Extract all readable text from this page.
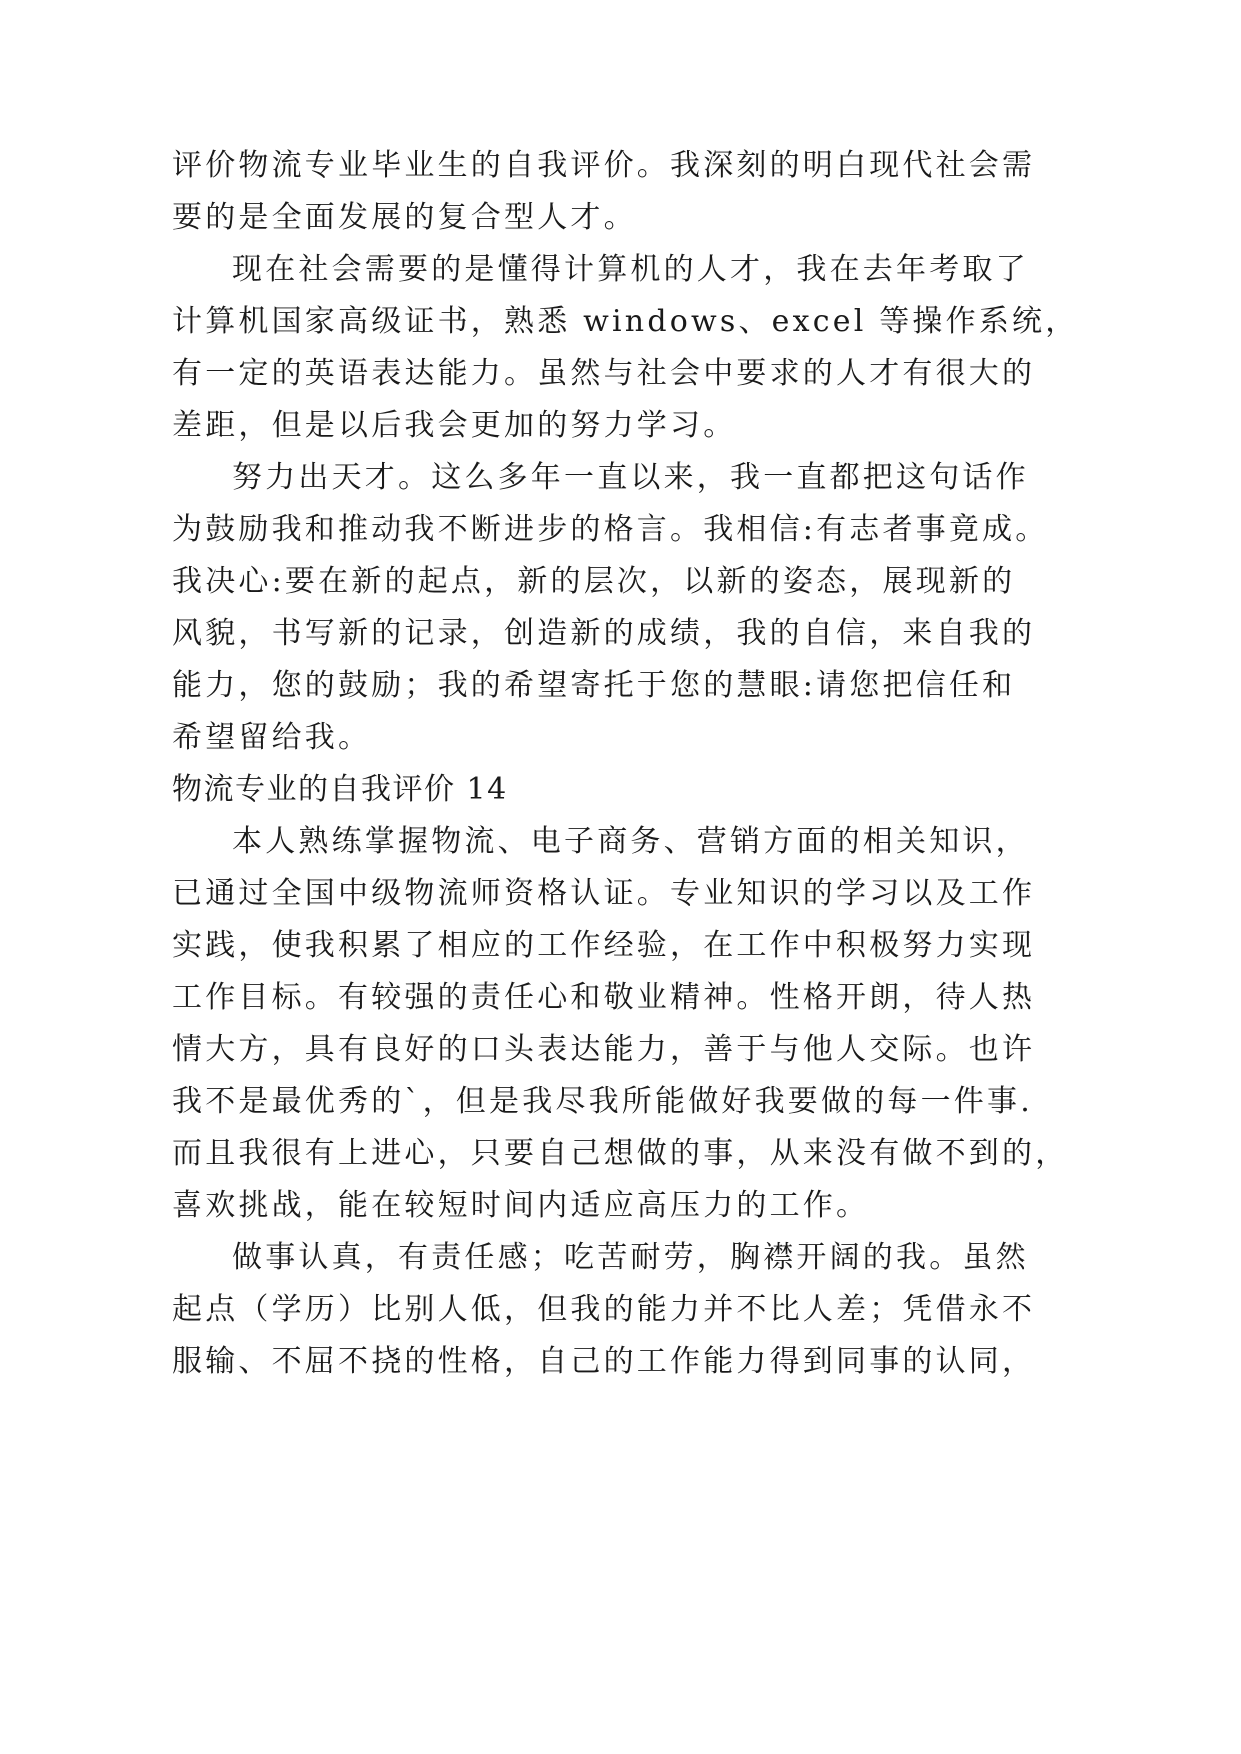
评价物流专业毕业生的自我评价。我深刻的明白现代社会需
要的是全面发展的复合型人才。
现在社会需要的是懂得计算机的人才，我在去年考取了
计算机国家高级证书，熟悉 windows、excel 等操作系统，
有一定的英语表达能力。虽然与社会中要求的人才有很大的
差距，但是以后我会更加的努力学习。
努力出天才。这么多年一直以来，我一直都把这句话作
为鼓励我和推动我不断进步的格言。我相信:有志者事竟成。
我决心:要在新的起点，新的层次，以新的姿态，展现新的
风貌，书写新的记录，创造新的成绩，我的自信，来自我的
能力，您的鼓励；我的希望寄托于您的慧眼:请您把信任和
希望留给我。
物流专业的自我评价 14
本人熟练掌握物流、电子商务、营销方面的相关知识，
已通过全国中级物流师资格认证。专业知识的学习以及工作
实践，使我积累了相应的工作经验，在工作中积极努力实现
工作目标。有较强的责任心和敬业精神。性格开朗，待人热
情大方，具有良好的口头表达能力，善于与他人交际。也许
我不是最优秀的`，但是我尽我所能做好我要做的每一件事.
而且我很有上进心，只要自己想做的事，从来没有做不到的，
喜欢挑战，能在较短时间内适应高压力的工作。
做事认真，有责任感；吃苦耐劳，胸襟开阔的我。虽然
起点（学历）比别人低，但我的能力并不比人差；凭借永不
服输、不屈不挠的性格，自己的工作能力得到同事的认同，
